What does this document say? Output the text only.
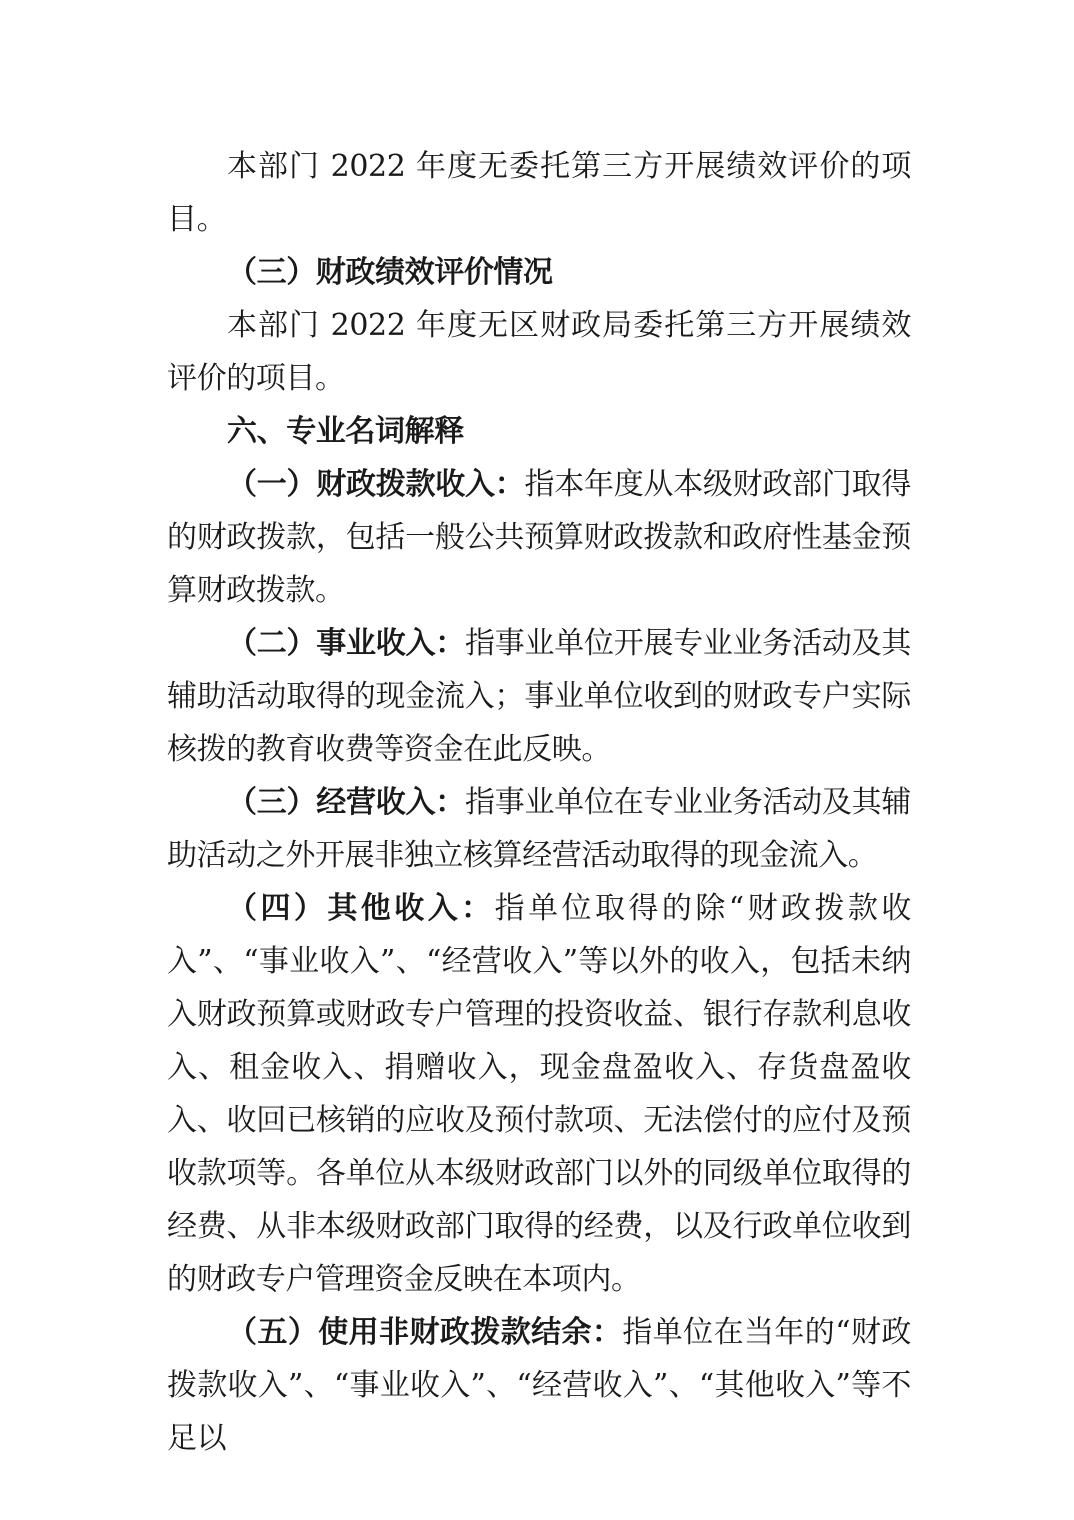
本部门 2022 年度无委托第三方开展绩效评价的项目。

（三）财政绩效评价情况

本部门 2022 年度无区财政局委托第三方开展绩效评价的项目。

六、专业名词解释

（一）财政拨款收入：指本年度从本级财政部门取得的财政拨款，包括一般公共预算财政拨款和政府性基金预算财政拨款。

（二）事业收入：指事业单位开展专业业务活动及其辅助活动取得的现金流入；事业单位收到的财政专户实际核拨的教育收费等资金在此反映。

（三）经营收入：指事业单位在专业业务活动及其辅助活动之外开展非独立核算经营活动取得的现金流入。

（四）其他收入：指单位取得的除“财政拨款收入”、“事业收入”、“经营收入”等以外的收入，包括未纳入财政预算或财政专户管理的投资收益、银行存款利息收入、租金收入、捐赠收入，现金盘盈收入、存货盘盈收入、收回已核销的应收及预付款项、无法偿付的应付及预收款项等。各单位从本级财政部门以外的同级单位取得的经费、从非本级财政部门取得的经费，以及行政单位收到的财政专户管理资金反映在本项内。

（五）使用非财政拨款结余：指单位在当年的“财政拨款收入”、“事业收入”、“经营收入”、“其他收入”等不足以
